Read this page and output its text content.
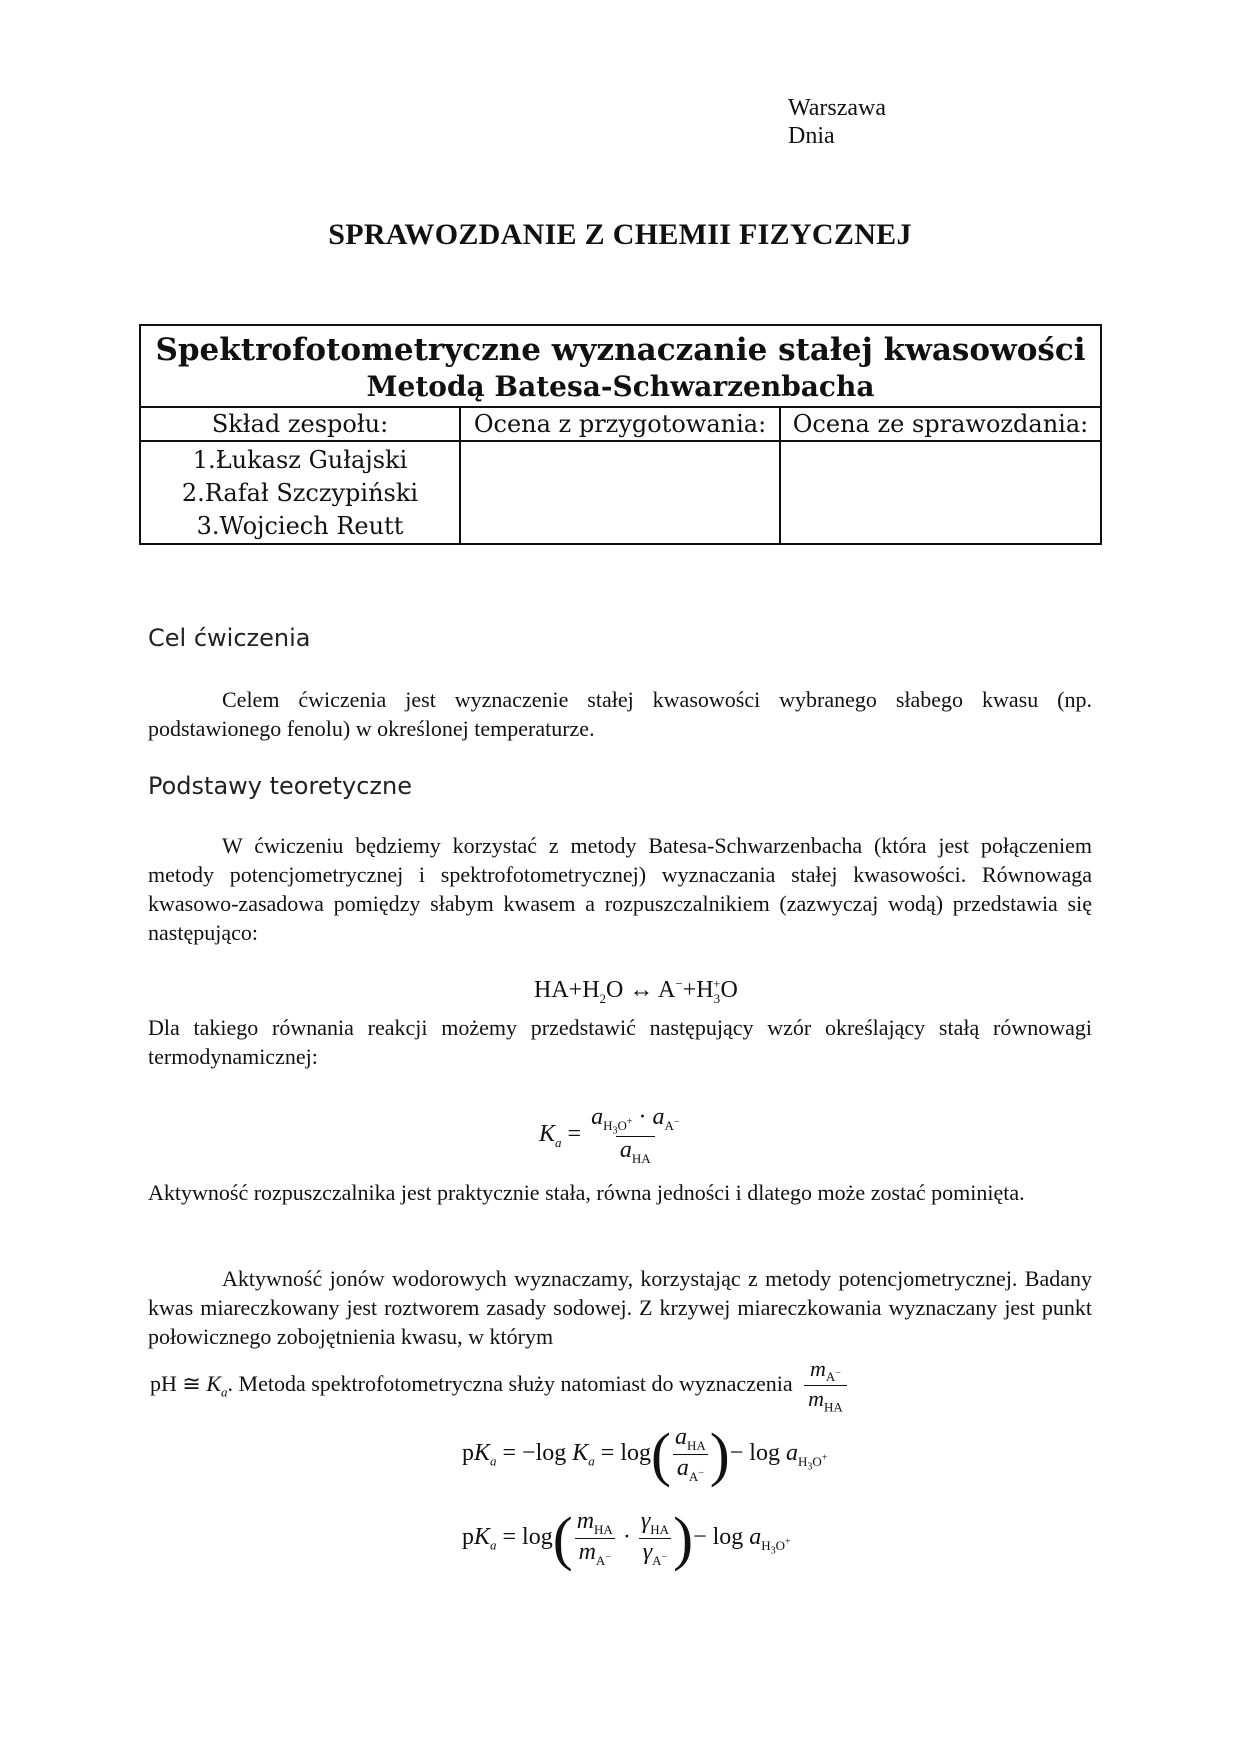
Warszawa
Dnia
SPRAWOZDANIE Z CHEMII FIZYCZNEJ
Spektrofotometryczne wyznaczanie stałej kwasowości
Metodą Batesa-Schwarzenbacha		

Skład zespołu:	Ocena z przygotowania:	Ocena ze sprawozdania:

1.Łukasz Gułajski
2.Rafał Szczypiński
3.Wojciech Reutt		

Cel ćwiczenia
Celem ćwiczenia jest wyznaczenie stałej kwasowości wybranego słabego kwasu (np. podstawionego fenolu) w określonej temperaturze.
Podstawy teoretyczne
W ćwiczeniu będziemy korzystać z metody Batesa-Schwarzenbacha (która jest połączeniem metody potencjometrycznej i spektrofotometrycznej) wyznaczania stałej kwasowości. Równowaga kwasowo-zasadowa pomiędzy słabym kwasem a rozpuszczalnikiem (zazwyczaj wodą) przedstawia się następująco:
$HA+H_2O$ ↔ $A^-+H_3^+O$
Dla takiego równania reakcji możemy przedstawić następujący wzór określający stałą równowagi termodynamicznej:
$K_a = \frac{a_{H_3O^+} \cdot a_{A^-}}{a_{HA}}$
Aktywność rozpuszczalnika jest praktycznie stała, równa jedności i dlatego może zostać pominięta.
Aktywność jonów wodorowych wyznaczamy, korzystając z metody potencjometrycznej. Badany kwas miareczkowany jest roztworem zasady sodowej. Z krzywej miareczkowania wyznaczany jest punkt połowicznego zobojętnienia kwasu, w którym
pH ≅ $K_a$. Metoda spektrofotometryczna służy natomiast do wyznaczenia $\frac{m_{A^-}}{m_{HA}}$
$pK_a = -\log$ $K_a = \log( \frac{a_{HA}}{a_{A^-}}$ )− $\log a_{H_3O^+}$
$pK_a = \log( \frac{m_{HA}}{m_{A^-}} \cdot \frac{\gamma_{HA}}{\gamma_{A^-}}$ )− $\log a_{H_3O^+}$
